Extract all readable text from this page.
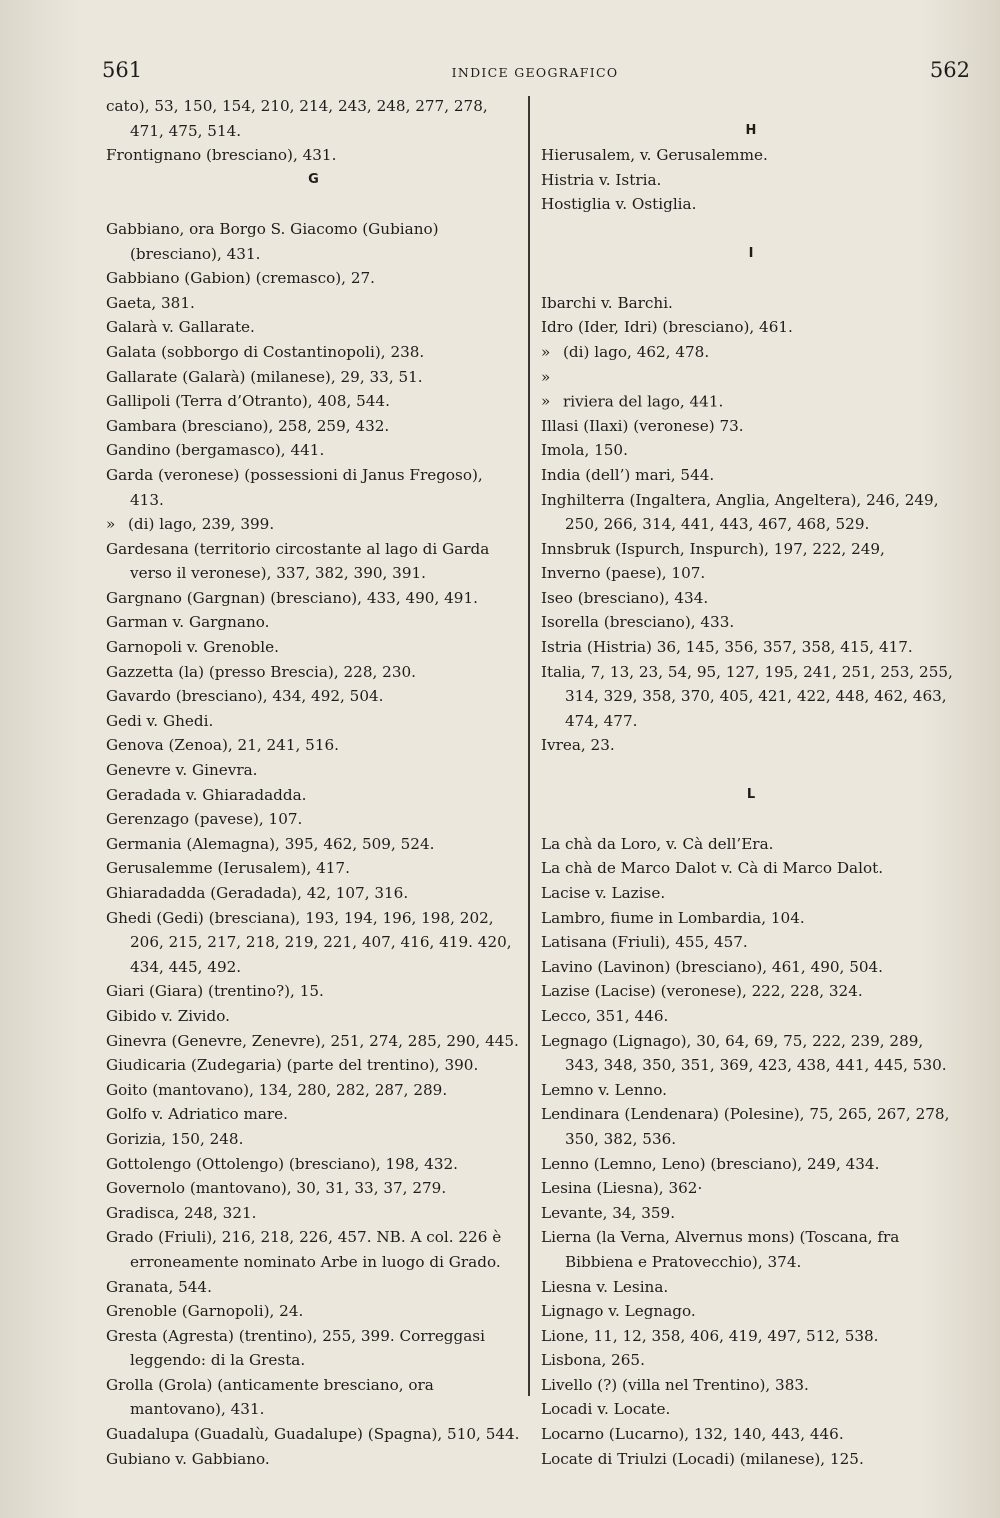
561	INDICE GEOGRAFICO	562
cato), 53, 150, 154, 210, 214, 243, 248, 277, 278, 471, 475, 514.
Frontignano (bresciano), 431.
G
Gabbiano, ora Borgo S. Giacomo (Gubiano) (bresciano), 431.
Gabbiano (Gabion) (cremasco), 27.
Gaeta, 381.
Galarà v. Gallarate.
Galata (sobborgo di Costantinopoli), 238.
Gallarate (Galarà) (milanese), 29, 33, 51.
Gallipoli (Terra d’Otranto), 408, 544.
Gambara (bresciano), 258, 259, 432.
Gandino (bergamasco), 441.
Garda (veronese) (possessioni di Janus Fregoso), 413.
» (di) lago, 239, 399.
Gardesana (territorio circostante al lago di Garda verso il veronese), 337, 382, 390, 391.
Gargnano (Gargnan) (bresciano), 433, 490, 491.
Garman v. Gargnano.
Garnopoli v. Grenoble.
Gazzetta (la) (presso Brescia), 228, 230.
Gavardo (bresciano), 434, 492, 504.
Gedi v. Ghedi.
Genova (Zenoa), 21, 241, 516.
Genevre v. Ginevra.
Geradada v. Ghiaradadda.
Gerenzago (pavese), 107.
Germania (Alemagna), 395, 462, 509, 524.
Gerusalemme (Ierusalem), 417.
Ghiaradadda (Geradada), 42, 107, 316.
Ghedi (Gedi) (bresciana), 193, 194, 196, 198, 202, 206, 215, 217, 218, 219, 221, 407, 416, 419. 420, 434, 445, 492.
Giari (Giara) (trentino?), 15.
Gibido v. Zivido.
Ginevra (Genevre, Zenevre), 251, 274, 285, 290, 445.
Giudicaria (Zudegaria) (parte del trentino), 390.
Goito (mantovano), 134, 280, 282, 287, 289.
Golfo v. Adriatico mare.
Gorizia, 150, 248.
Gottolengo (Ottolengo) (bresciano), 198, 432.
Governolo (mantovano), 30, 31, 33, 37, 279.
Gradisca, 248, 321.
Grado (Friuli), 216, 218, 226, 457. NB. A col. 226 è erroneamente nominato Arbe in luogo di Grado.
Granata, 544.
Grenoble (Garnopoli), 24.
Gresta (Agresta) (trentino), 255, 399. Correggasi leggendo: di la Gresta.
Grolla (Grola) (anticamente bresciano, ora mantovano), 431.
Guadalupa (Guadalù, Guadalupe) (Spagna), 510, 544.
Gubiano v. Gabbiano.
H
Hierusalem, v. Gerusalemme.
Histria v. Istria.
Hostiglia v. Ostiglia.
I
Ibarchi v. Barchi.
Idro (Ider, Idri) (bresciano), 461.
» (di) lago, 462, 478.
» » riviera del lago, 441.
Illasi (Ilaxi) (veronese) 73.
Imola, 150.
India (dell’) mari, 544.
Inghilterra (Ingaltera, Anglia, Angeltera), 246, 249, 250, 266, 314, 441, 443, 467, 468, 529.
Innsbruk (Ispurch, Inspurch), 197, 222, 249,
Inverno (paese), 107.
Iseo (bresciano), 434.
Isorella (bresciano), 433.
Istria (Histria) 36, 145, 356, 357, 358, 415, 417.
Italia, 7, 13, 23, 54, 95, 127, 195, 241, 251, 253, 255, 314, 329, 358, 370, 405, 421, 422, 448, 462, 463, 474, 477.
Ivrea, 23.
L
La chà da Loro, v. Cà dell’Era.
La chà de Marco Dalot v. Cà di Marco Dalot.
Lacise v. Lazise.
Lambro, fiume in Lombardia, 104.
Latisana (Friuli), 455, 457.
Lavino (Lavinon) (bresciano), 461, 490, 504.
Lazise (Lacise) (veronese), 222, 228, 324.
Lecco, 351, 446.
Legnago (Lignago), 30, 64, 69, 75, 222, 239, 289, 343, 348, 350, 351, 369, 423, 438, 441, 445, 530.
Lemno v. Lenno.
Lendinara (Lendenara) (Polesine), 75, 265, 267, 278, 350, 382, 536.
Lenno (Lemno, Leno) (bresciano), 249, 434.
Lesina (Liesna), 362·
Levante, 34, 359.
Lierna (la Verna, Alvernus mons) (Toscana, fra Bibbiena e Pratovecchio), 374.
Liesna v. Lesina.
Lignago v. Legnago.
Lione, 11, 12, 358, 406, 419, 497, 512, 538.
Lisbona, 265.
Livello (?) (villa nel Trentino), 383.
Locadi v. Locate.
Locarno (Lucarno), 132, 140, 443, 446.
Locate di Triulzi (Locadi) (milanese), 125.
